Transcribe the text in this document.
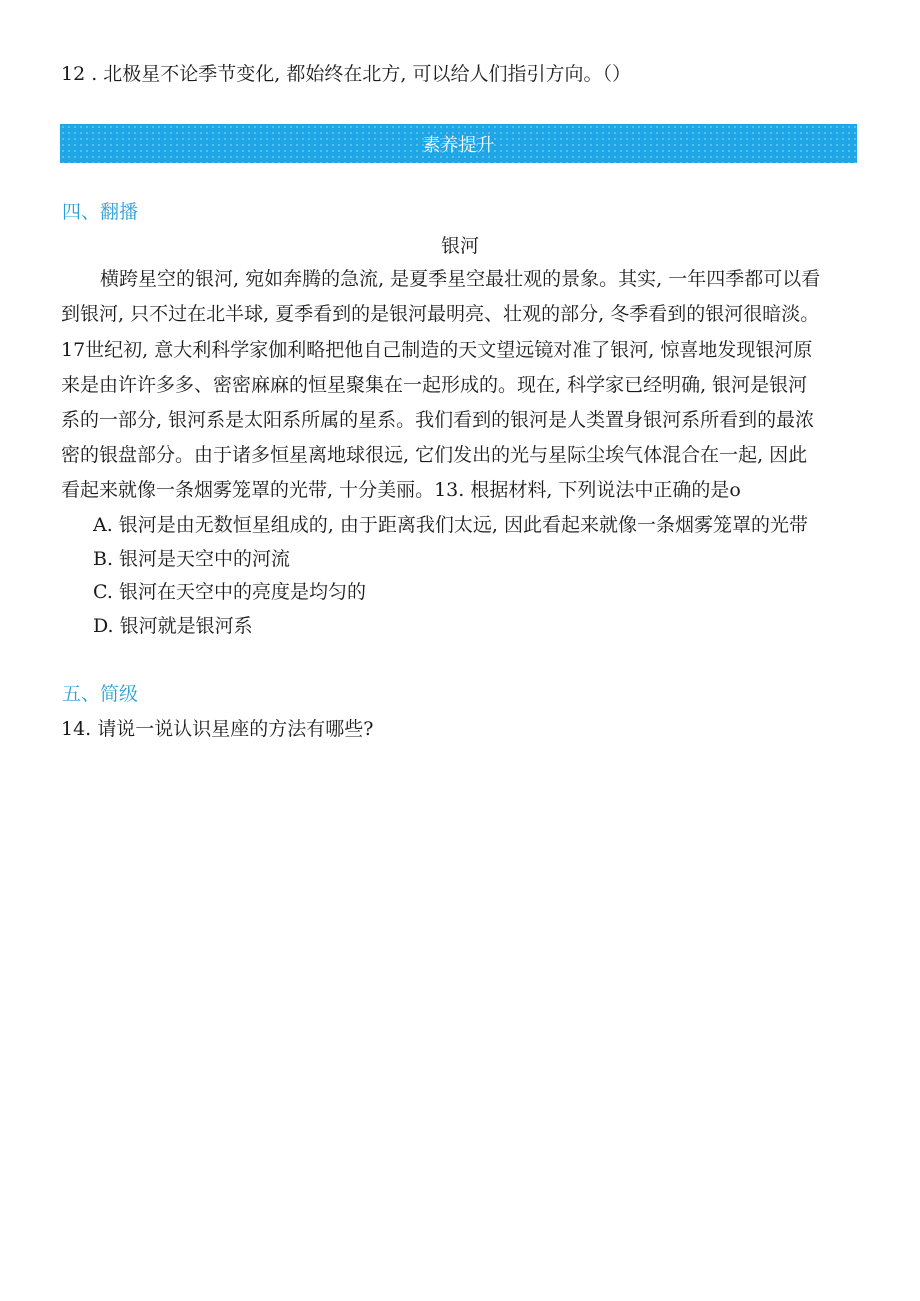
12 . 北极星不论季节变化, 都始终在北方, 可以给人们指引方向。（）
素养提升
四、翻播
银河
横跨星空的银河, 宛如奔腾的急流, 是夏季星空最壮观的景象。其实, 一年四季都可以看
到银河, 只不过在北半球, 夏季看到的是银河最明亮、壮观的部分, 冬季看到的银河很暗淡。
17世纪初, 意大利科学家伽利略把他自己制造的天文望远镜对准了银河, 惊喜地发现银河原
来是由许许多多、密密麻麻的恒星聚集在一起形成的。现在, 科学家已经明确, 银河是银河
系的一部分, 银河系是太阳系所属的星系。我们看到的银河是人类置身银河系所看到的最浓
密的银盘部分。由于诸多恒星离地球很远, 它们发出的光与星际尘埃气体混合在一起, 因此
看起来就像一条烟雾笼罩的光带, 十分美丽。13. 根据材料, 下列说法中正确的是o
A. 银河是由无数恒星组成的, 由于距离我们太远, 因此看起来就像一条烟雾笼罩的光带
B. 银河是天空中的河流
C. 银河在天空中的亮度是均匀的
D. 银河就是银河系
五、简级
14. 请说一说认识星座的方法有哪些?
